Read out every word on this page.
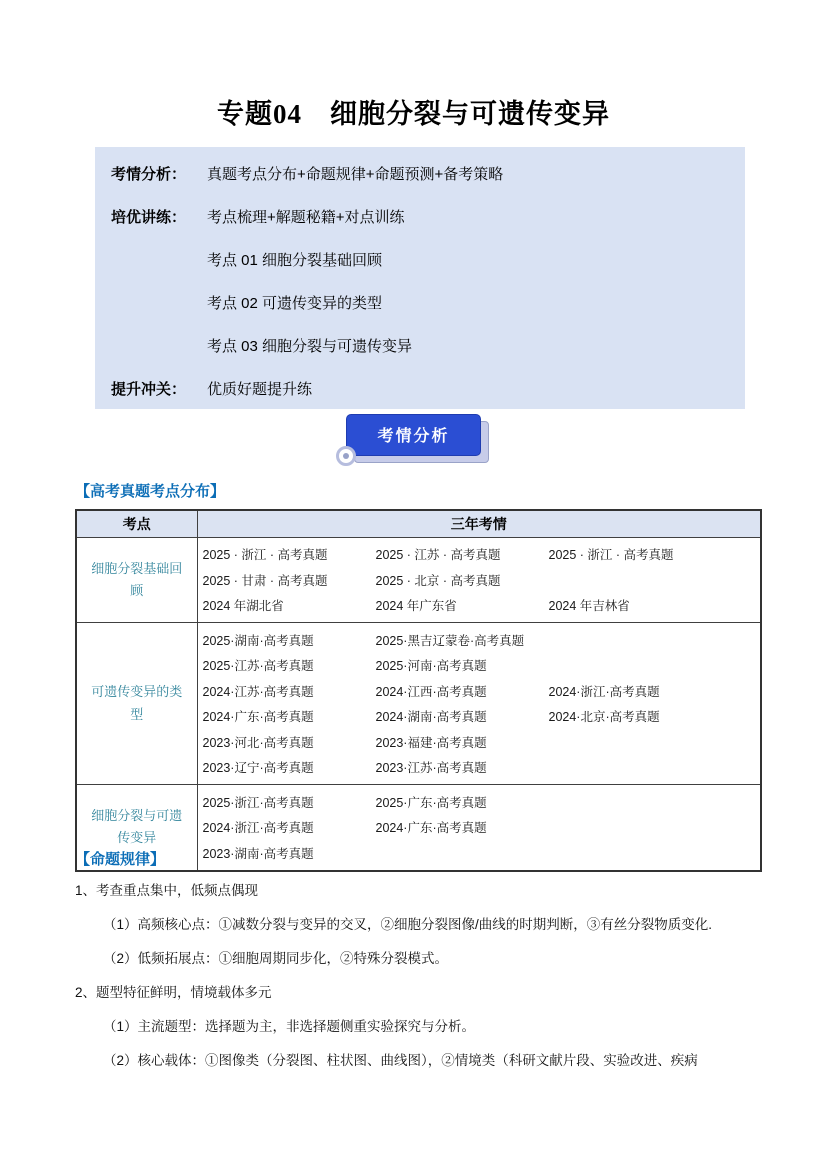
专题04　细胞分裂与可遗传变异
考情分析：	真题考点分布+命题规律+命题预测+备考策略
培优讲练：	考点梳理+解题秘籍+对点训练
考点 01 细胞分裂基础回顾
考点 02 可遗传变异的类型
考点 03 细胞分裂与可遗传变异
提升冲关：	优质好题提升练
考情分析
【高考真题考点分布】
考点	三年考情
细胞分裂基础回顾	
2025 · 浙江 · 高考真题	2025 · 江苏 · 高考真题	2025 · 浙江 · 高考真题
2025 · 甘肃 · 高考真题	2025 · 北京 · 高考真题
2024 年湖北省	2024 年广东省	2024 年吉林省

可遗传变异的类型	
2025·湖南·高考真题	2025·黑吉辽蒙卷·高考真题
2025·江苏·高考真题	2025·河南·高考真题
2024·江苏·高考真题	2024·江西·高考真题	2024·浙江·高考真题
2024·广东·高考真题	2024·湖南·高考真题	2024·北京·高考真题
2023·河北·高考真题	2023·福建·高考真题
2023·辽宁·高考真题	2023·江苏·高考真题

细胞分裂与可遗传变异	2025·浙江·高考真题 2025·广东·高考真题
2024·浙江·高考真题 2024·广东·高考真题
2023·湖南·高考真题
【命题规律】
1、考查重点集中，低频点偶现
（1）高频核心点：①减数分裂与变异的交叉，②细胞分裂图像/曲线的时期判断，③有丝分裂物质变化.
（2）低频拓展点：①细胞周期同步化，②特殊分裂模式。
2、题型特征鲜明，情境载体多元
（1）主流题型：选择题为主，非选择题侧重实验探究与分析。
（2）核心载体：①图像类（分裂图、柱状图、曲线图），②情境类（科研文献片段、实验改进、疾病
